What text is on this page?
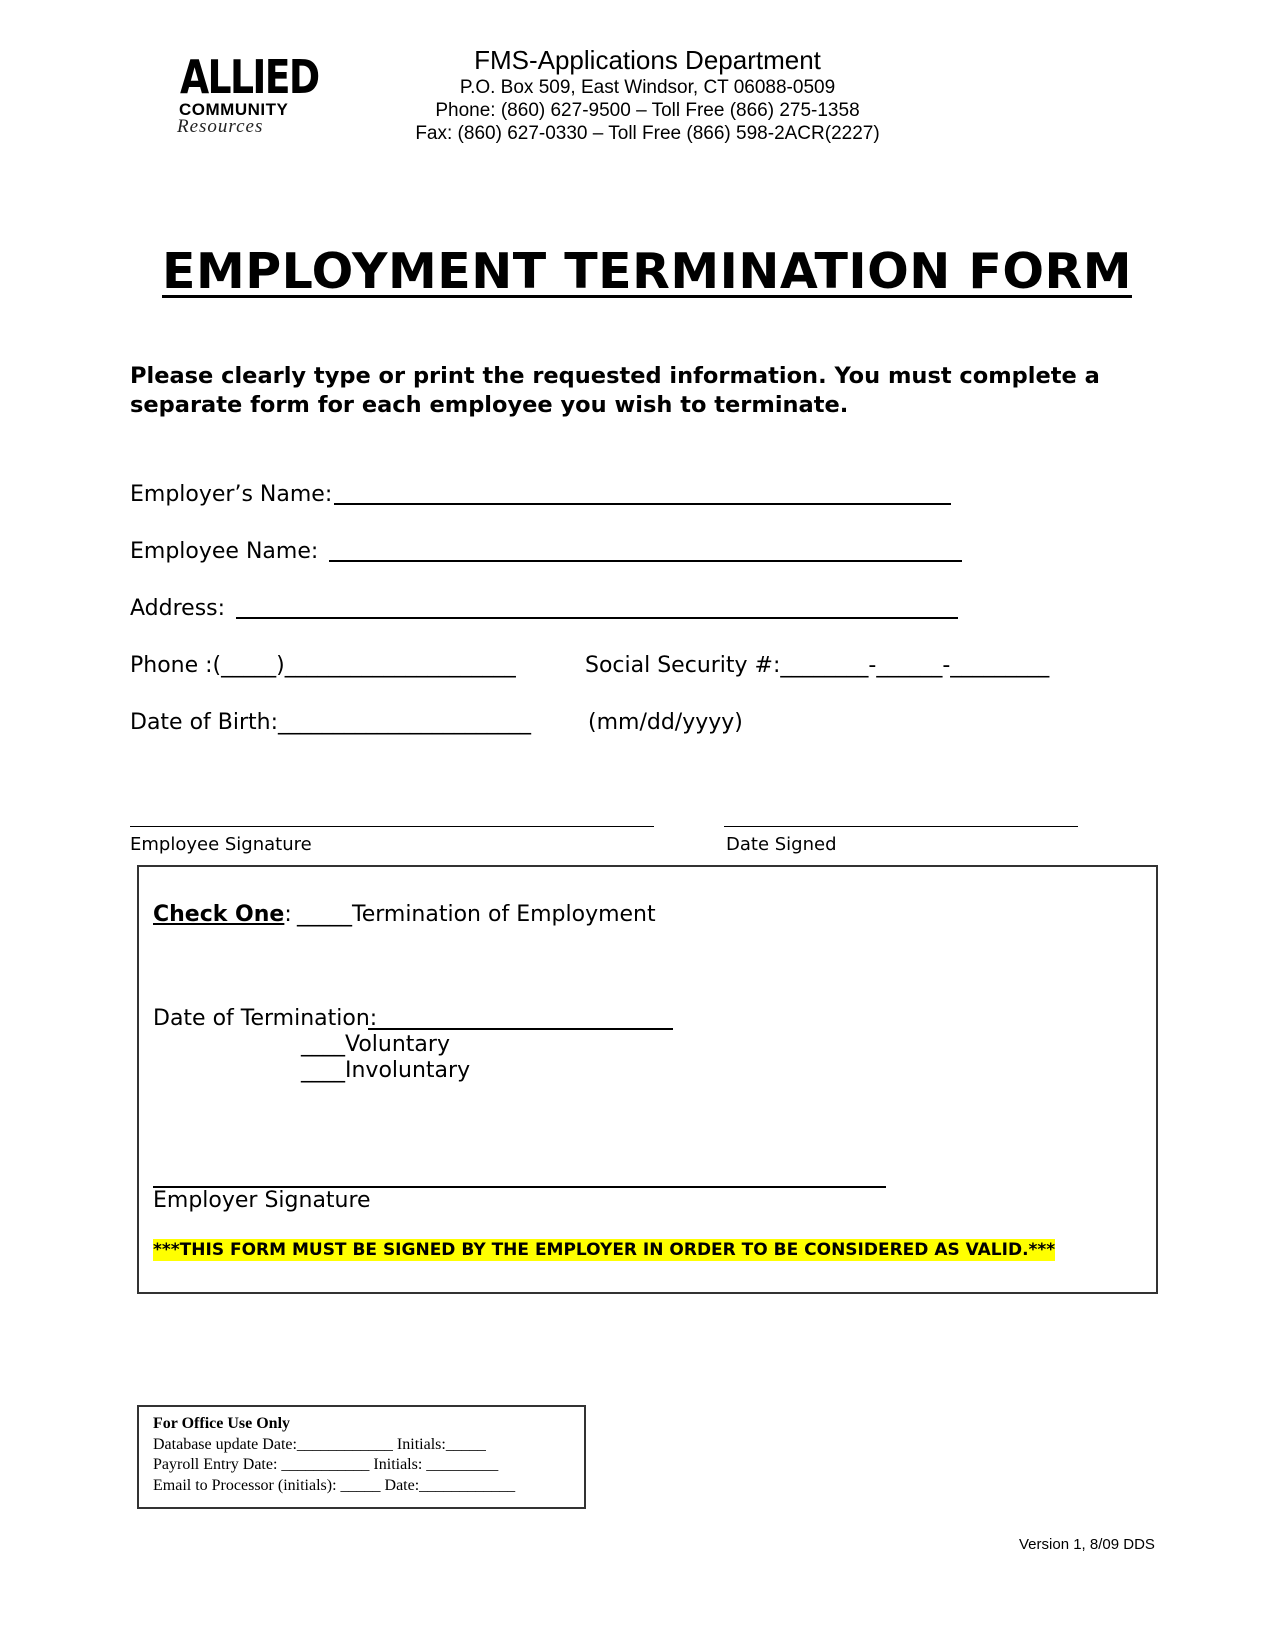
ALLIED
COMMUNITY
Resources
FMS-Applications Department
P.O. Box 509, East Windsor, CT 06088-0509
Phone: (860) 627-9500 – Toll Free (866) 275-1358
Fax: (860) 627-0330 – Toll Free (866) 598-2ACR(2227)
EMPLOYMENT TERMINATION FORM
Please clearly type or print the requested information. You must complete a separate form for each employee you wish to terminate.
Employer’s Name:
Employee Name:
Address:
Phone :(_____)_____________________	Social Security #:________-______-_________
Date of Birth:_______________________	(mm/dd/yyyy)
Employee Signature	Date Signed
Check One: _____Termination of Employment
Date of Termination:
____Voluntary
____Involuntary
Employer Signature
***THIS FORM MUST BE SIGNED BY THE EMPLOYER IN ORDER TO BE CONSIDERED AS VALID.***
For Office Use Only
Database update Date:____________ Initials:_____
Payroll Entry Date: ___________ Initials: _________
Email to Processor (initials): _____ Date:____________
Version 1, 8/09 DDS
